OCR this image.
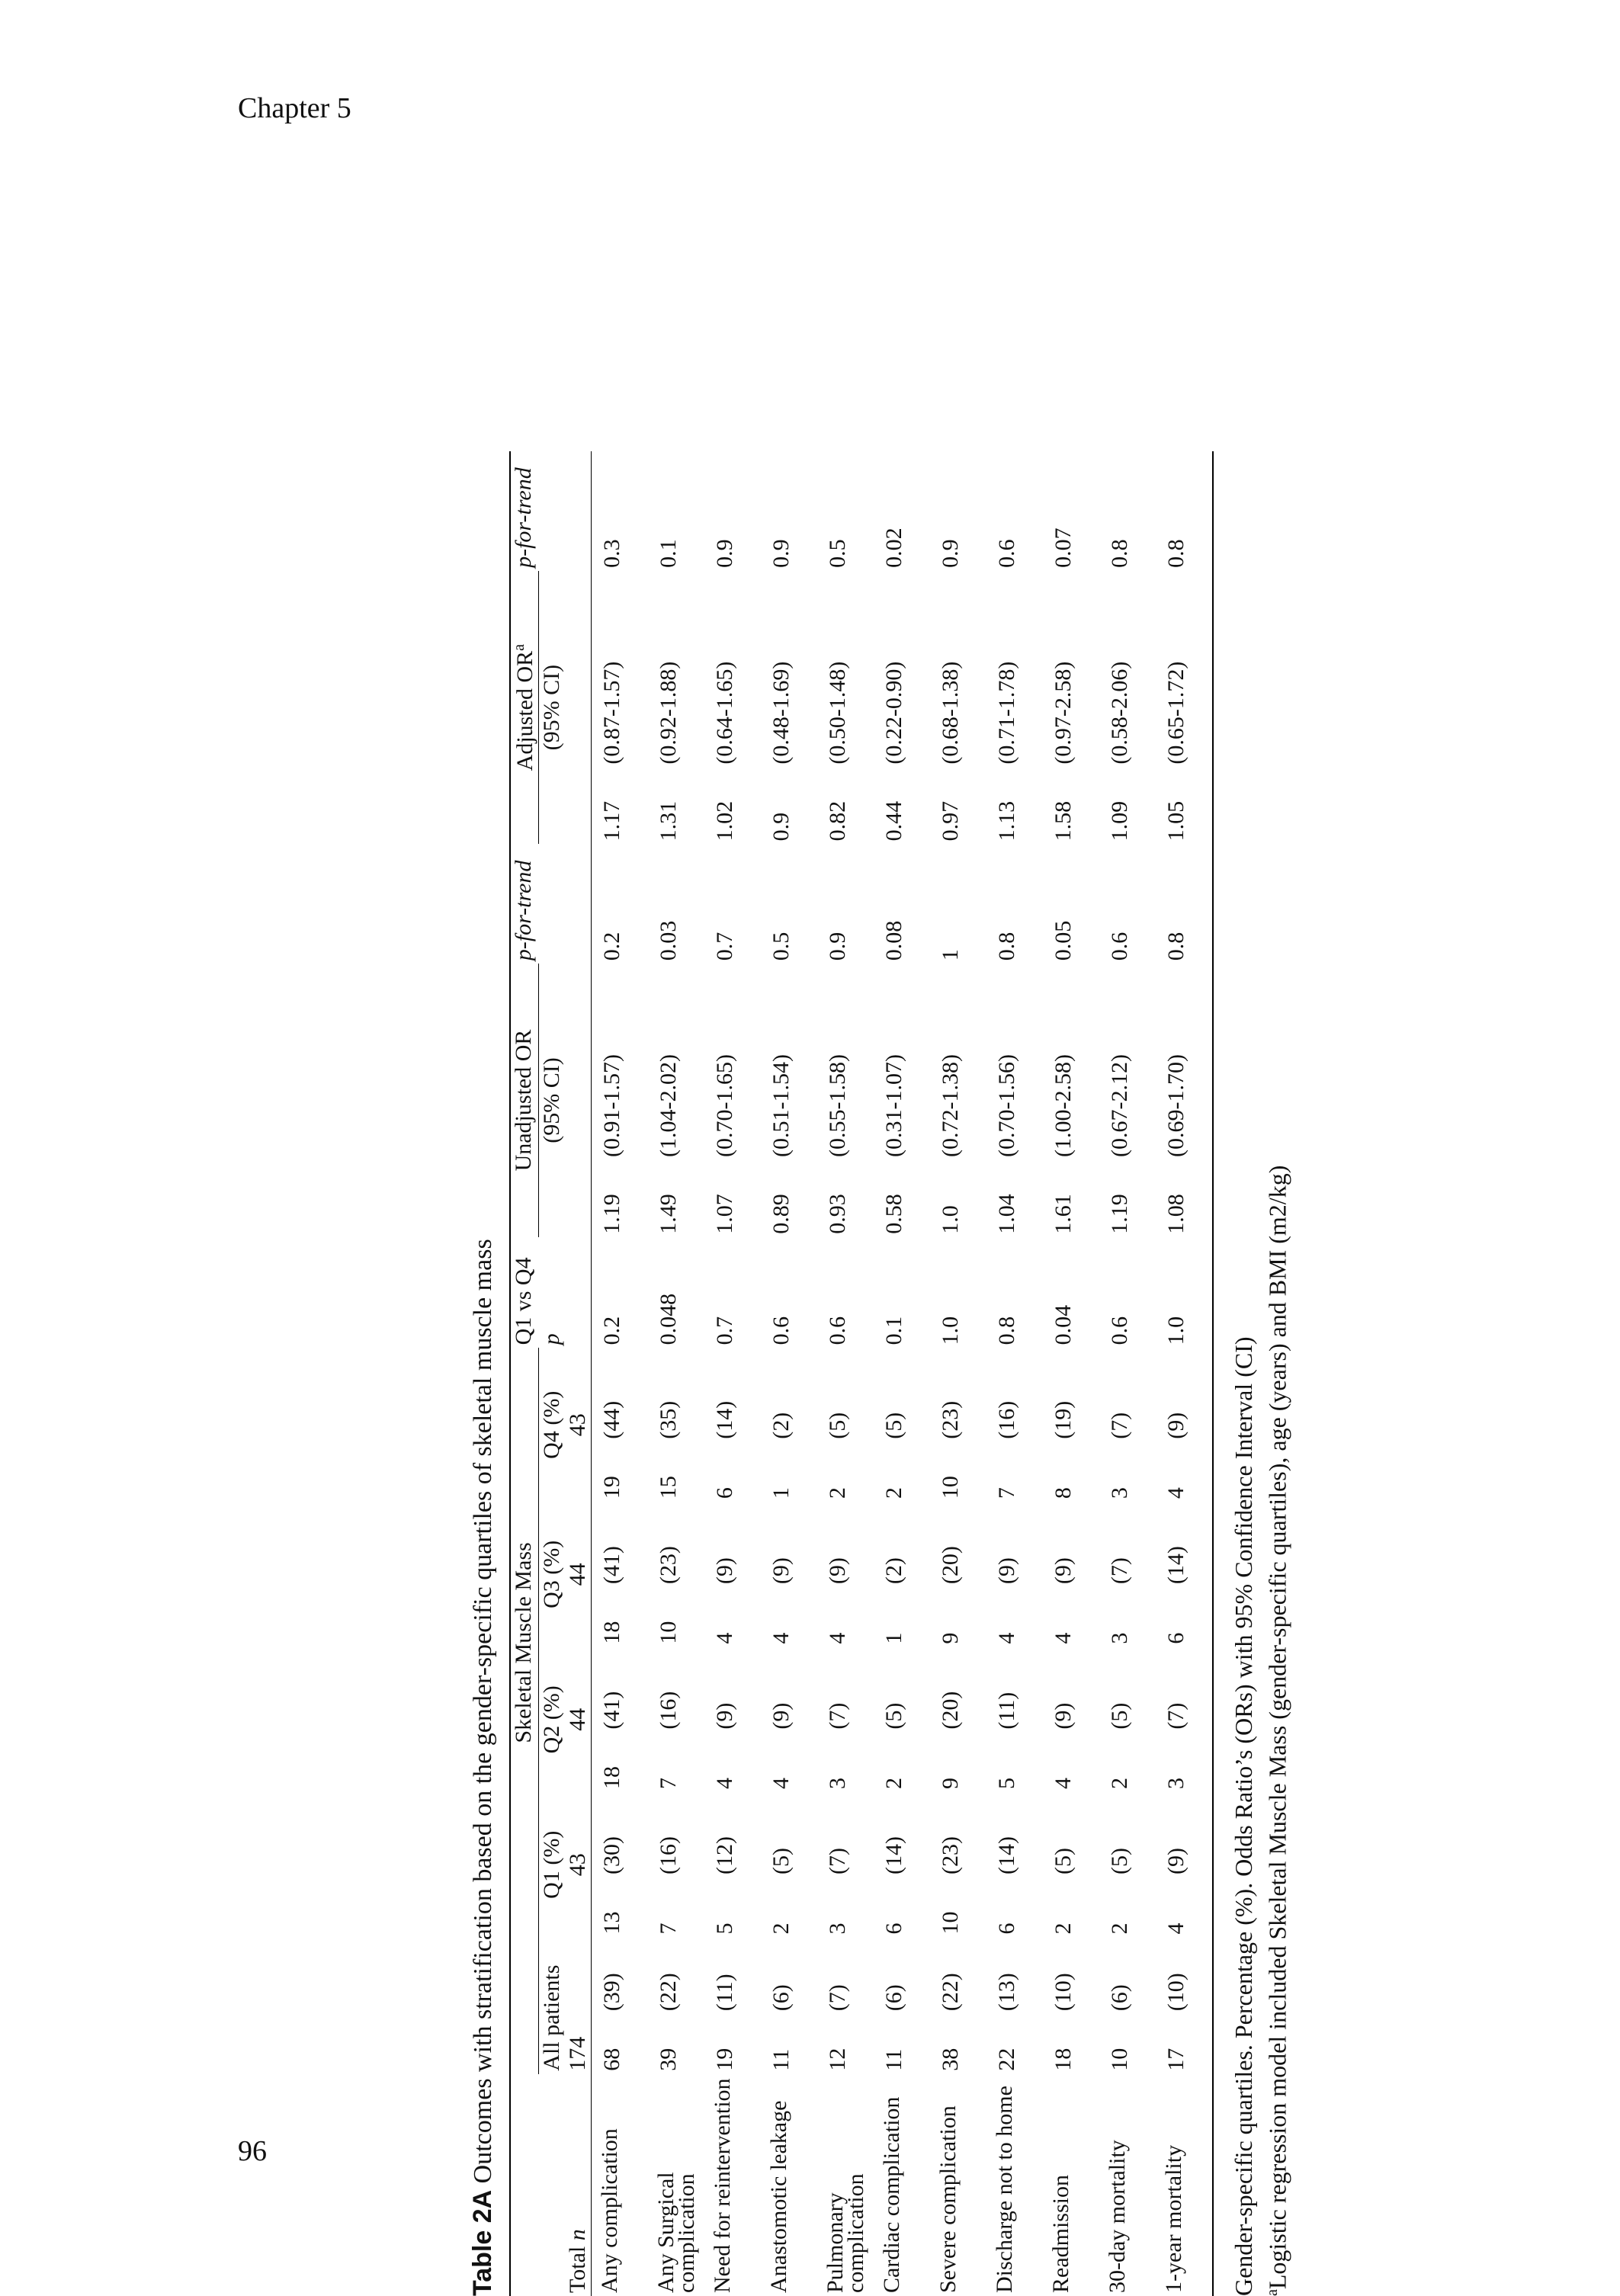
Chapter 5
96
Table 2A Outcomes with stratification based on the gender-specific quartiles of skeletal muscle mass
			Skeletal Muscle Mass								Q1 vs Q4	Unadjusted OR		p-for-trend	Adjusted $OR^a$		p-for-trend
	All patients		Q1 (%)		Q2 (%)		Q3 (%)		Q4 (%)		p	(95% CI)			(95% CI)		
Total n	174		43		44		44		43								
Any complication	68	(39)	13	(30)	18	(41)	18	(41)	19	(44)	0.2	1.19	(0.91-1.57)	0.2	1.17	(0.87-1.57)	0.3
Any Surgical complication	39	(22)	7	(16)	7	(16)	10	(23)	15	(35)	0.048	1.49	(1.04-2.02)	0.03	1.31	(0.92-1.88)	0.1
Need for reintervention	19	(11)	5	(12)	4	(9)	4	(9)	6	(14)	0.7	1.07	(0.70-1.65)	0.7	1.02	(0.64-1.65)	0.9
Anastomotic leakage	11	(6)	2	(5)	4	(9)	4	(9)	1	(2)	0.6	0.89	(0.51-1.54)	0.5	0.9	(0.48-1.69)	0.9
Pulmonary complication	12	(7)	3	(7)	3	(7)	4	(9)	2	(5)	0.6	0.93	(0.55-1.58)	0.9	0.82	(0.50-1.48)	0.5
Cardiac complication	11	(6)	6	(14)	2	(5)	1	(2)	2	(5)	0.1	0.58	(0.31-1.07)	0.08	0.44	(0.22-0.90)	0.02
Severe complication	38	(22)	10	(23)	9	(20)	9	(20)	10	(23)	1.0	1.0	(0.72-1.38)	1	0.97	(0.68-1.38)	0.9
Discharge not to home	22	(13)	6	(14)	5	(11)	4	(9)	7	(16)	0.8	1.04	(0.70-1.56)	0.8	1.13	(0.71-1.78)	0.6
Readmission	18	(10)	2	(5)	4	(9)	4	(9)	8	(19)	0.04	1.61	(1.00-2.58)	0.05	1.58	(0.97-2.58)	0.07
30-day mortality	10	(6)	2	(5)	2	(5)	3	(7)	3	(7)	0.6	1.19	(0.67-2.12)	0.6	1.09	(0.58-2.06)	0.8
1-year mortality	17	(10)	4	(9)	3	(7)	6	(14)	4	(9)	1.0	1.08	(0.69-1.70)	0.8	1.05	(0.65-1.72)	0.8
Gender-specific quartiles. Percentage (%). Odds Ratio’s (ORs) with 95% Confidence Interval (CI) $^a$Logistic regression model included Skeletal Muscle Mass (gender-specific quartiles), age (years) and BMI (m2/kg)
